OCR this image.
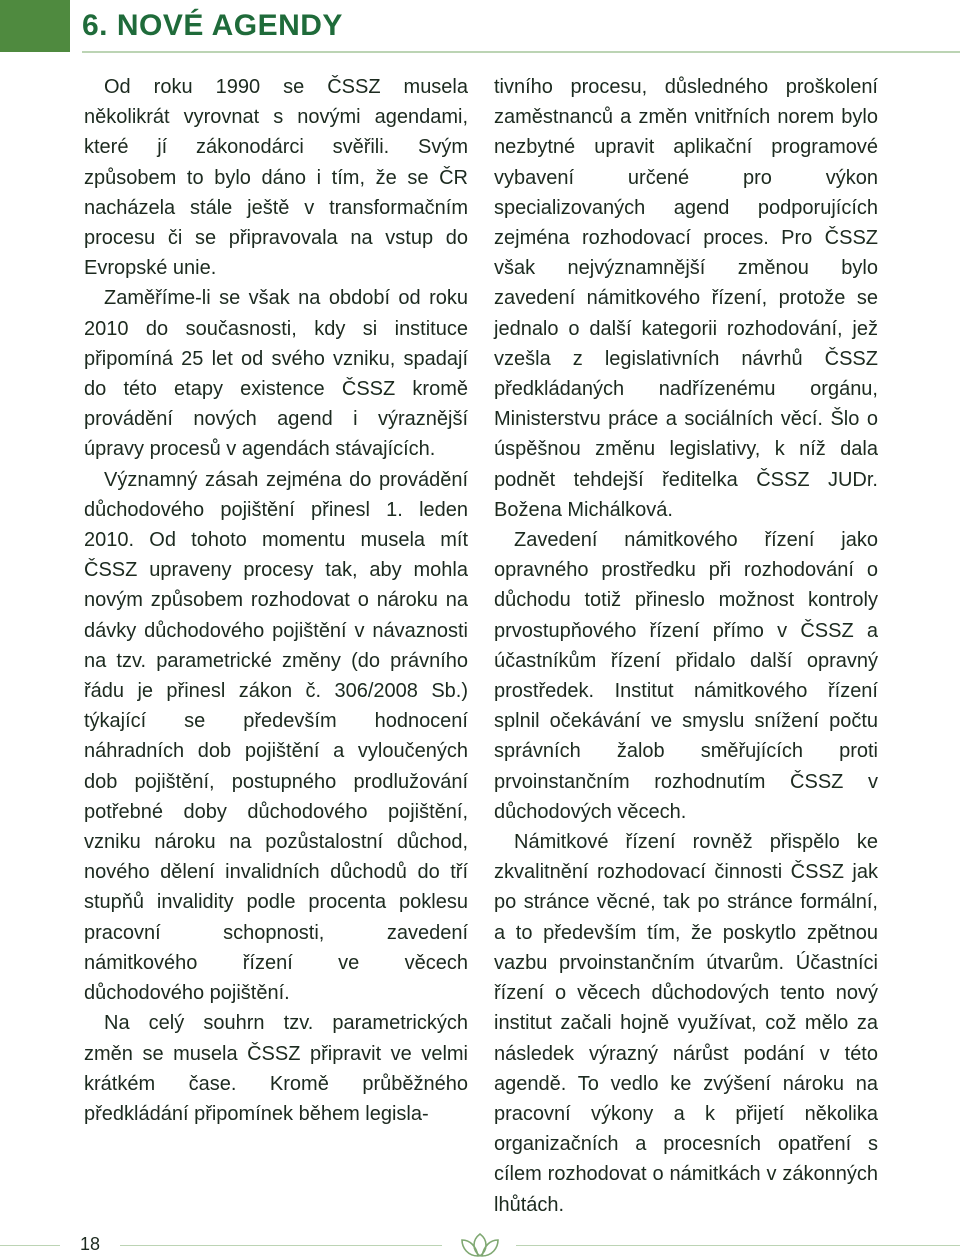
6. NOVÉ AGENDY

Od roku 1990 se ČSSZ musela několikrát vyrovnat s novými agendami, které jí zákonodárci svěřili. Svým způsobem to bylo dáno i tím, že se ČR nacházela stále ještě v transformačním procesu či se připravovala na vstup do Evropské unie.

Zaměříme-li se však na období od roku 2010 do současnosti, kdy si instituce připomíná 25 let od svého vzniku, spadají do této etapy existence ČSSZ kromě provádění nových agend i výraznější úpravy procesů v agendách stávajících.

Významný zásah zejména do provádění důchodového pojištění přinesl 1. leden 2010. Od tohoto momentu musela mít ČSSZ upraveny procesy tak, aby mohla novým způsobem rozhodovat o nároku na dávky důchodového pojištění v návaznosti na tzv. parametrické změny (do právního řádu je přinesl zákon č. 306/2008 Sb.) týkající se především hodnocení náhradních dob pojištění a vyloučených dob pojištění, postupného prodlužování potřebné doby důchodového pojištění, vzniku nároku na pozůstalostní důchod, nového dělení invalidních důchodů do tří stupňů invalidity podle procenta poklesu pracovní schopnosti, zavedení námitkového řízení ve věcech důchodového pojištění.

Na celý souhrn tzv. parametrických změn se musela ČSSZ připravit ve velmi krátkém čase. Kromě průběžného předkládání připomínek během legisla-

tivního procesu, důsledného proškolení zaměstnanců a změn vnitřních norem bylo nezbytné upravit aplikační programové vybavení určené pro výkon specializovaných agend podporujících zejména rozhodovací proces. Pro ČSSZ však nejvýznamnější změnou bylo zavedení námitkového řízení, protože se jednalo o další kategorii rozhodování, jež vzešla z legislativních návrhů ČSSZ předkládaných nadřízenému orgánu, Ministerstvu práce a sociálních věcí. Šlo o úspěšnou změnu legislativy, k níž dala podnět tehdejší ředitelka ČSSZ JUDr. Božena Michálková.

Zavedení námitkového řízení jako opravného prostředku při rozhodování o důchodu totiž přineslo možnost kontroly prvostupňového řízení přímo v ČSSZ a účastníkům řízení přidalo další opravný prostředek. Institut námitkového řízení splnil očekávání ve smyslu snížení počtu správních žalob směřujících proti prvoinstančním rozhodnutím ČSSZ v důchodových věcech.

Námitkové řízení rovněž přispělo ke zkvalitnění rozhodovací činnosti ČSSZ jak po stránce věcné, tak po stránce formální, a to především tím, že poskytlo zpětnou vazbu prvoinstančním útvarům. Účastníci řízení o věcech důchodových tento nový institut začali hojně využívat, což mělo za následek výrazný nárůst podání v této agendě. To vedlo ke zvýšení nároku na pracovní výkony a k přijetí několika organizačních a procesních opatření s cílem rozhodovat o námitkách v zákonných lhůtách.

18
